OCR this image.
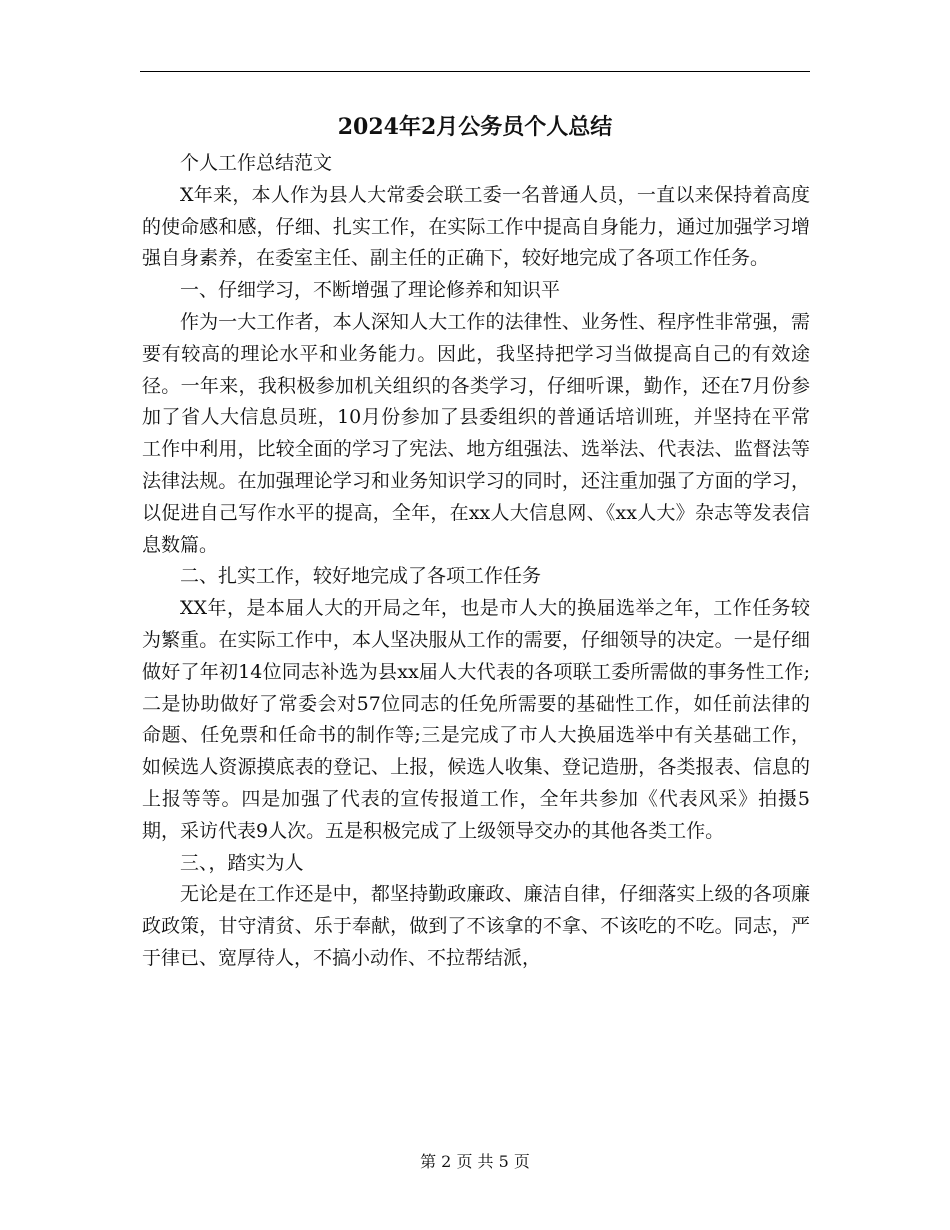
2024年2月公务员个人总结

个人工作总结范文

X年来，本人作为县人大常委会联工委一名普通人员，一直以来保持着高度的使命感和感，仔细、扎实工作，在实际工作中提高自身能力，通过加强学习增强自身素养，在委室主任、副主任的正确下，较好地完成了各项工作任务。

一、仔细学习，不断增强了理论修养和知识平

作为一大工作者，本人深知人大工作的法律性、业务性、程序性非常强，需要有较高的理论水平和业务能力。因此，我坚持把学习当做提高自己的有效途径。一年来，我积极参加机关组织的各类学习，仔细听课，勤作，还在7月份参加了省人大信息员班，10月份参加了县委组织的普通话培训班，并坚持在平常工作中利用，比较全面的学习了宪法、地方组强法、选举法、代表法、监督法等法律法规。在加强理论学习和业务知识学习的同时，还注重加强了方面的学习，以促进自己写作水平的提高，全年，在xx人大信息网、《xx人大》杂志等发表信息数篇。

二、扎实工作，较好地完成了各项工作任务

XX年，是本届人大的开局之年，也是市人大的换届选举之年，工作任务较为繁重。在实际工作中，本人坚决服从工作的需要，仔细领导的决定。一是仔细做好了年初14位同志补选为县xx届人大代表的各项联工委所需做的事务性工作;二是协助做好了常委会对57位同志的任免所需要的基础性工作，如任前法律的命题、任免票和任命书的制作等;三是完成了市人大换届选举中有关基础工作，如候选人资源摸底表的登记、上报，候选人收集、登记造册，各类报表、信息的上报等等。四是加强了代表的宣传报道工作，全年共参加《代表风采》拍摄5期，采访代表9人次。五是积极完成了上级领导交办的其他各类工作。

三、，踏实为人

无论是在工作还是中，都坚持勤政廉政、廉洁自律，仔细落实上级的各项廉政政策，甘守清贫、乐于奉献，做到了不该拿的不拿、不该吃的不吃。同志，严于律已、宽厚待人，不搞小动作、不拉帮结派，

第 2 页 共 5 页
